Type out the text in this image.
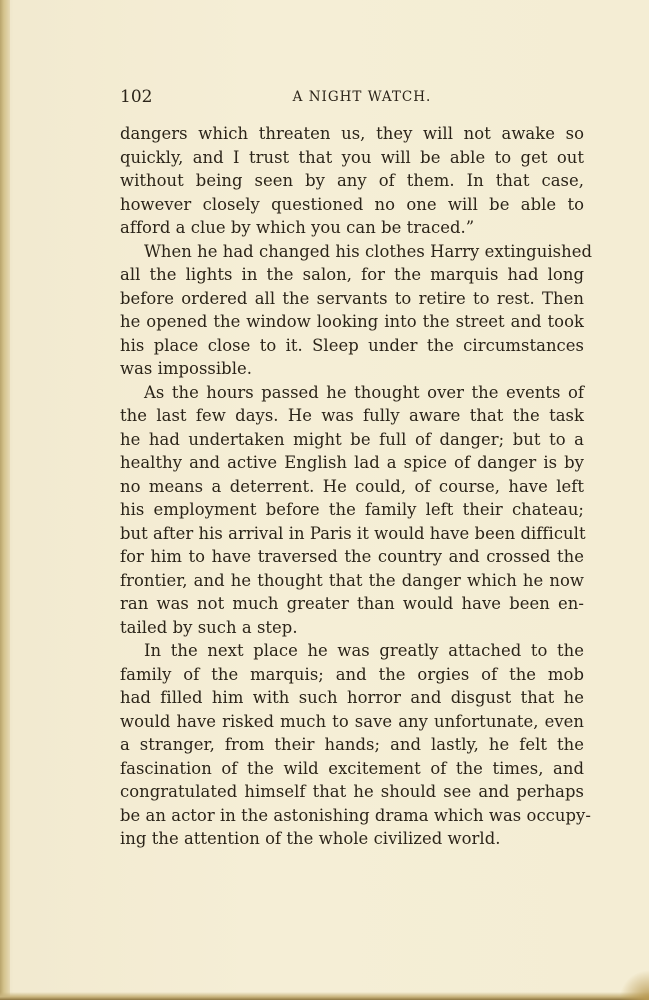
102	A NIGHT WATCH.
dangers which threaten us, they will not awake so
quickly, and I trust that you will be able to get out
without being seen by any of them. In that case,
however closely questioned no one will be able to
afford a clue by which you can be traced.”
When he had changed his clothes Harry extinguished
all the lights in the salon, for the marquis had long
before ordered all the servants to retire to rest. Then
he opened the window looking into the street and took
his place close to it. Sleep under the circumstances
was impossible.
As the hours passed he thought over the events of
the last few days. He was fully aware that the task
he had undertaken might be full of danger; but to a
healthy and active English lad a spice of danger is by
no means a deterrent. He could, of course, have left
his employment before the family left their chateau;
but after his arrival in Paris it would have been difficult
for him to have traversed the country and crossed the
frontier, and he thought that the danger which he now
ran was not much greater than would have been en-
tailed by such a step.
In the next place he was greatly attached to the
family of the marquis; and the orgies of the mob
had filled him with such horror and disgust that he
would have risked much to save any unfortunate, even
a stranger, from their hands; and lastly, he felt the
fascination of the wild excitement of the times, and
congratulated himself that he should see and perhaps
be an actor in the astonishing drama which was occupy-
ing the attention of the whole civilized world.
